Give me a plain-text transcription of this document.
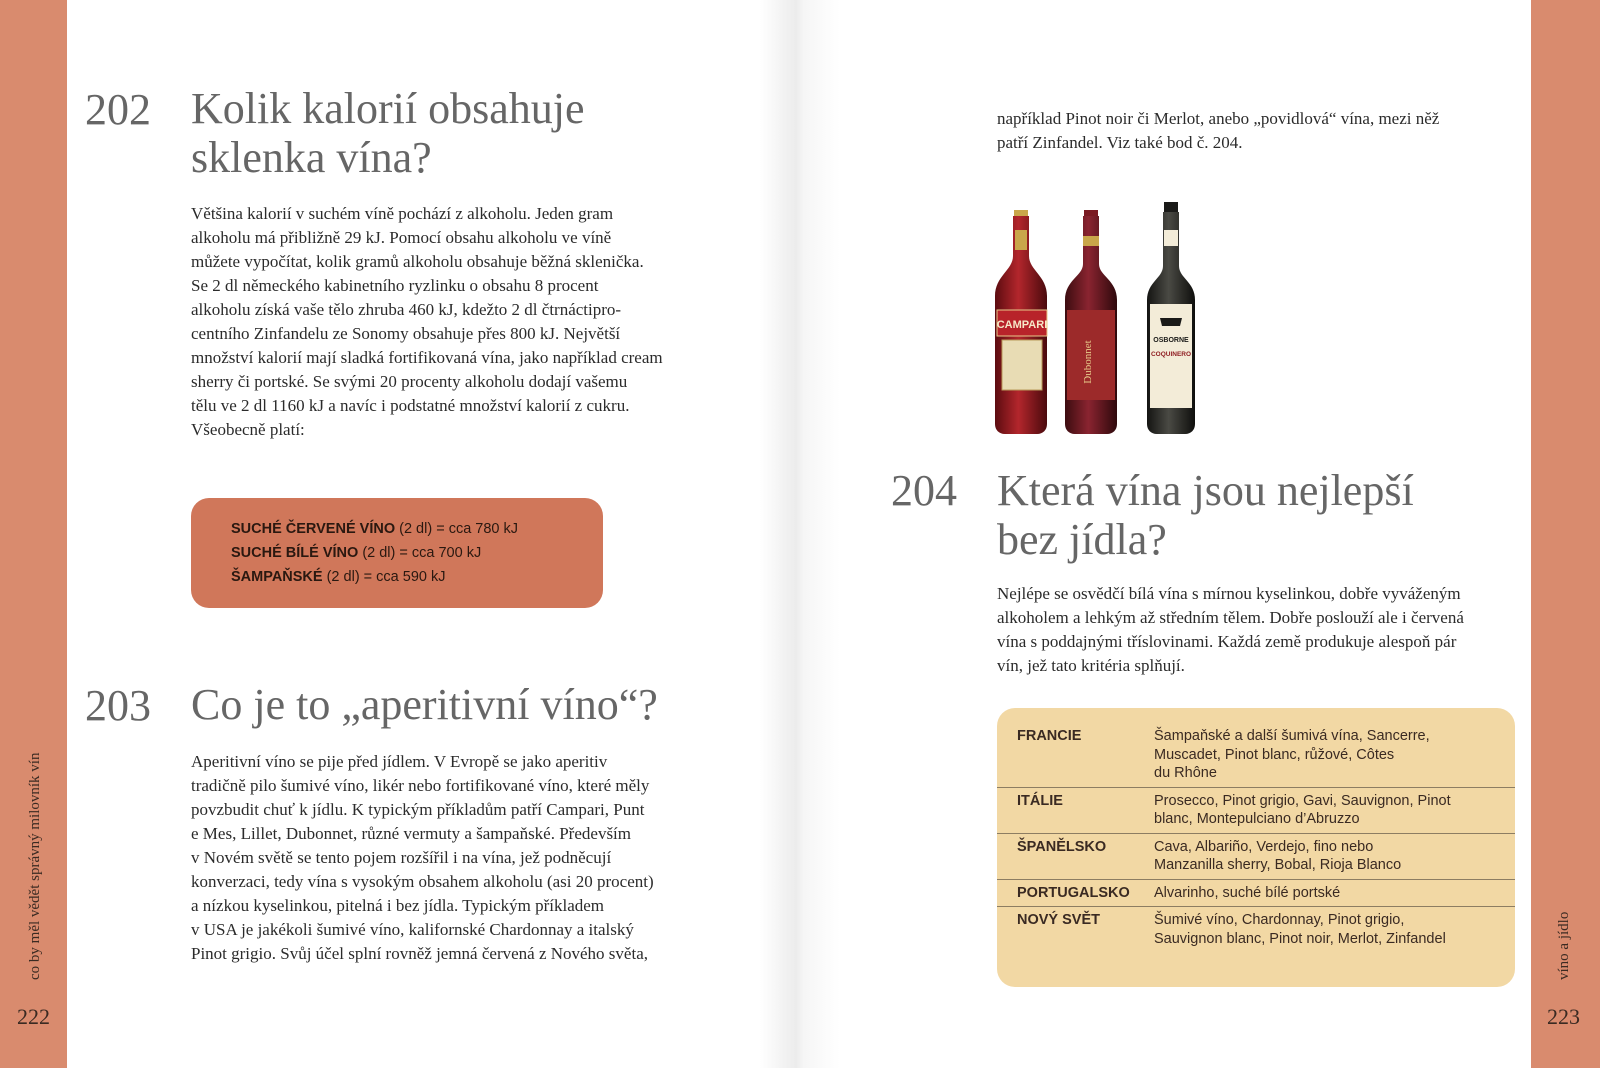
co by měl vědět správný milovník vín
222
víno a jídlo
223
202 Kolik kalorií obsahuje
sklenka vína?

Většina kalorií v suchém víně pochází z alkoholu. Jeden gram

alkoholu má přibližně 29 kJ. Pomocí obsahu alkoholu ve víně

můžete vypočítat, kolik gramů alkoholu obsahuje běžná sklenička.

Se 2 dl německého kabinetního ryzlinku o obsahu 8 procent

alkoholu získá vaše tělo zhruba 460 kJ, kdežto 2 dl čtrnáctipro-

centního Zinfandelu ze Sonomy obsahuje přes 800 kJ. Největší

množství kalorií mají sladká fortifikovaná vína, jako například cream

sherry či portské. Se svými 20 procenty alkoholu dodají vašemu

tělu ve 2 dl 1160 kJ a navíc i podstatné množství kalorií z cukru.

Všeobecně platí:

SUCHÉ ČERVENÉ VÍNO (2 dl) = cca 780 kJ
SUCHÉ BÍLÉ VÍNO (2 dl) = cca 700 kJ
ŠAMPAŇSKÉ (2 dl) = cca 590 kJ
203 Co je to „aperitivní víno“?

Aperitivní víno se pije před jídlem. V Evropě se jako aperitiv

tradičně pilo šumivé víno, likér nebo fortifikované víno, které měly

povzbudit chuť k jídlu. K typickým příkladům patří Campari, Punt

e Mes, Lillet, Dubonnet, různé vermuty a šampaňské. Především

v Novém světě se tento pojem rozšířil i na vína, jež podněcují

konverzaci, tedy vína s vysokým obsahem alkoholu (asi 20 procent)

a nízkou kyselinkou, pitelná i bez jídla. Typickým příkladem

v USA je jakékoli šumivé víno, kalifornské Chardonnay a italský

Pinot grigio. Svůj účel splní rovněž jemná červená z Nového světa,

například Pinot noir či Merlot, anebo „povidlová“ vína, mezi něž

patří Zinfandel. Viz také bod č. 204.

CAMPARI
Dubonnet	OSBORNE
COQUINERO
204 Která vína jsou nejlepší
bez jídla?

Nejlépe se osvědčí bílá vína s mírnou kyselinkou, dobře vyváženým

alkoholem a lehkým až středním tělem. Dobře poslouží ale i červená

vína s poddajnými tříslovinami. Každá země produkuje alespoň pár

vín, jež tato kritéria splňují.

FRANCIE	Šampaňské a další šumivá vína, Sancerre,
Muscadet, Pinot blanc, růžové, Côtes
du Rhône
ITÁLIE	Prosecco, Pinot grigio, Gavi, Sauvignon, Pinot
blanc, Montepulciano d’Abruzzo
ŠPANĚLSKO	Cava, Albariño, Verdejo, fino nebo
Manzanilla sherry, Bobal, Rioja Blanco
PORTUGALSKO	Alvarinho, suché bílé portské
NOVÝ SVĚT	Šumivé víno, Chardonnay, Pinot grigio,
Sauvignon blanc, Pinot noir, Merlot, Zinfandel
